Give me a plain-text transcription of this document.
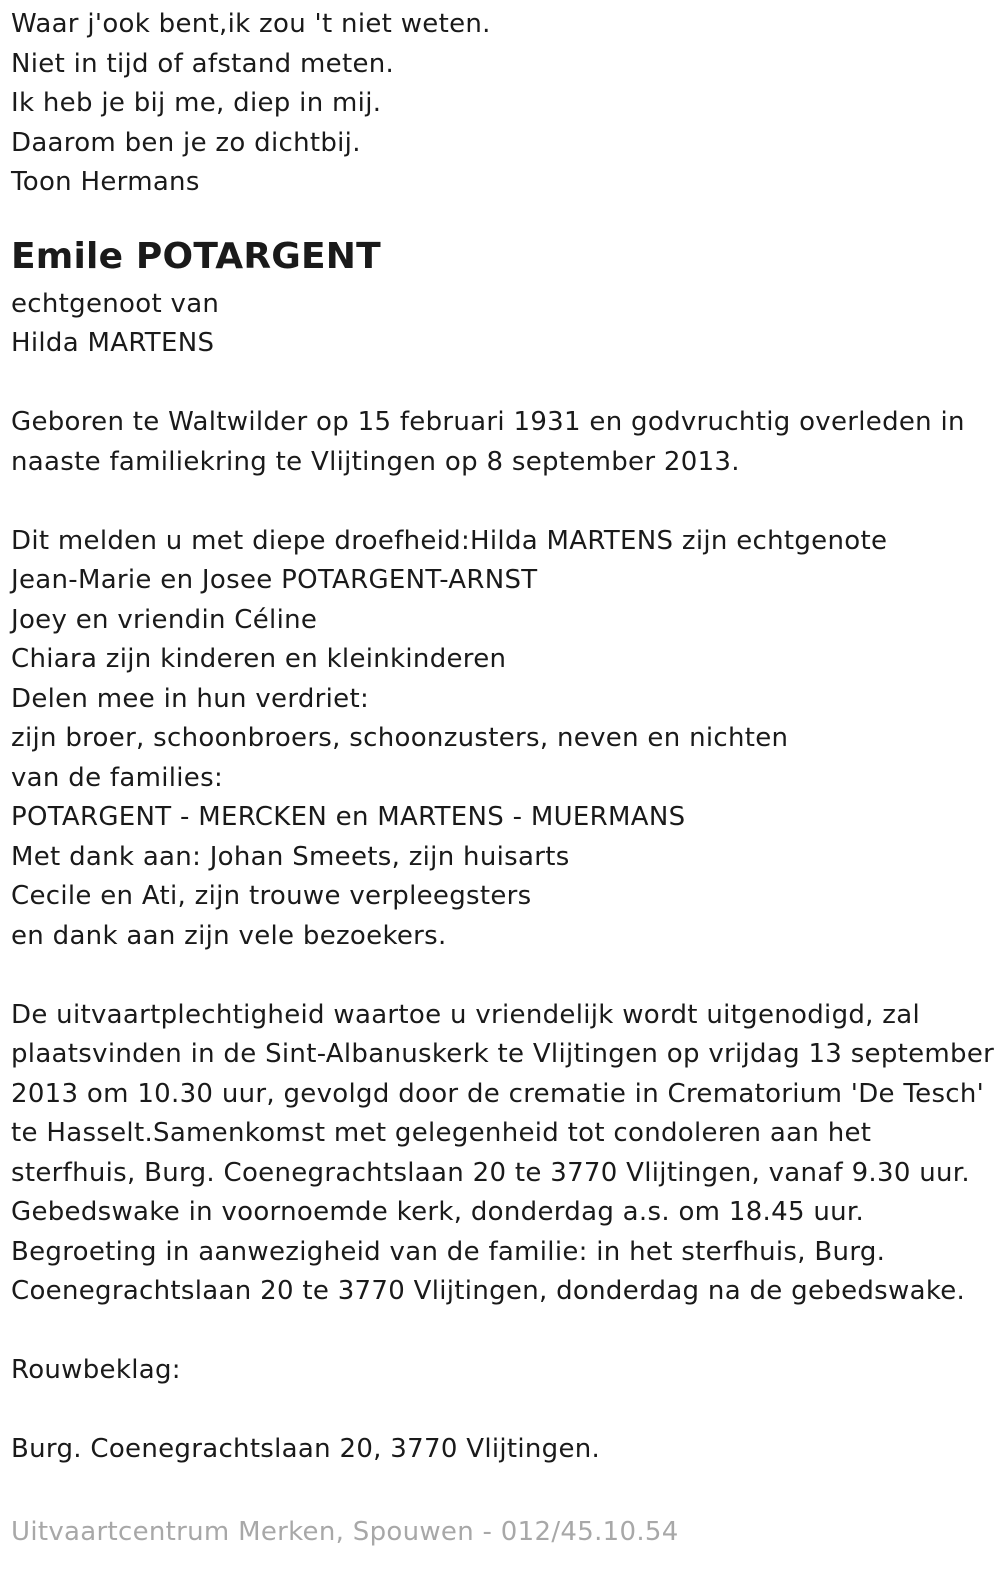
Waar j'ook bent,ik zou 't niet weten.
Niet in tijd of afstand meten.
Ik heb je bij me, diep in mij.
Daarom ben je zo dichtbij.
Toon Hermans
Emile POTARGENT
echtgenoot van
Hilda MARTENS
Geboren te Waltwilder op 15 februari 1931 en godvruchtig overleden in
naaste familiekring te Vlijtingen op 8 september 2013.
Dit melden u met diepe droefheid:Hilda MARTENS zijn echtgenote
Jean-Marie en Josee POTARGENT-ARNST
Joey en vriendin Céline
Chiara zijn kinderen en kleinkinderen
Delen mee in hun verdriet:
zijn broer, schoonbroers, schoonzusters, neven en nichten
van de families:
POTARGENT - MERCKEN en MARTENS - MUERMANS
Met dank aan: Johan Smeets, zijn huisarts
Cecile en Ati, zijn trouwe verpleegsters
en dank aan zijn vele bezoekers.
De uitvaartplechtigheid waartoe u vriendelijk wordt uitgenodigd, zal
plaatsvinden in de Sint-Albanuskerk te Vlijtingen op vrijdag 13 september
2013 om 10.30 uur, gevolgd door de crematie in Crematorium 'De Tesch'
te Hasselt.Samenkomst met gelegenheid tot condoleren aan het
sterfhuis, Burg. Coenegrachtslaan 20 te 3770 Vlijtingen, vanaf 9.30 uur.
Gebedswake in voornoemde kerk, donderdag a.s. om 18.45 uur.
Begroeting in aanwezigheid van de familie: in het sterfhuis, Burg.
Coenegrachtslaan 20 te 3770 Vlijtingen, donderdag na de gebedswake.
Rouwbeklag:
Burg. Coenegrachtslaan 20, 3770 Vlijtingen.
Uitvaartcentrum Merken, Spouwen - 012/45.10.54
